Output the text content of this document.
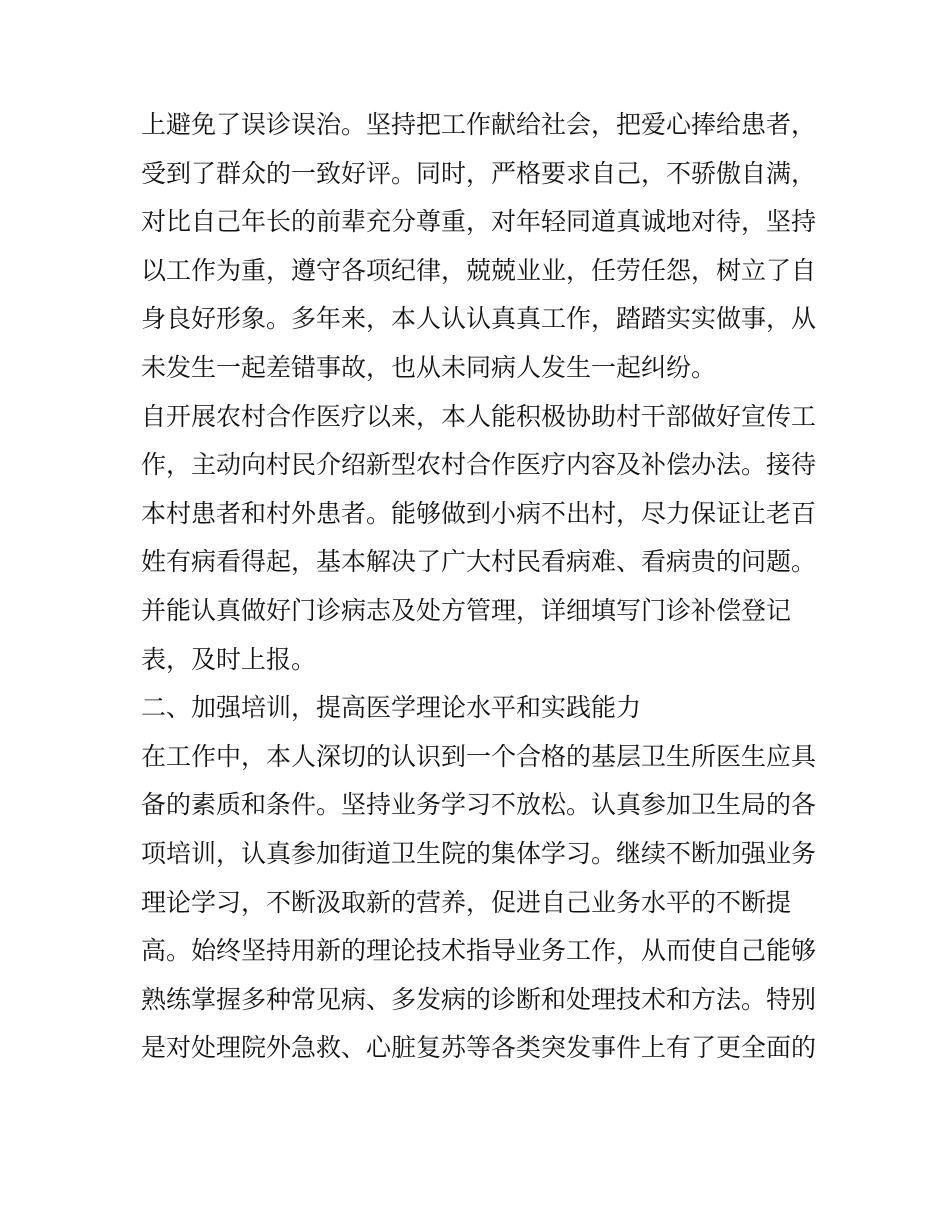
上避免了误诊误治。坚持把工作献给社会，把爱心捧给患者，
受到了群众的一致好评。同时，严格要求自己，不骄傲自满，
对比自己年长的前辈充分尊重，对年轻同道真诚地对待，坚持
以工作为重，遵守各项纪律，兢兢业业，任劳任怨，树立了自
身良好形象。多年来，本人认认真真工作，踏踏实实做事，从
未发生一起差错事故，也从未同病人发生一起纠纷。
自开展农村合作医疗以来，本人能积极协助村干部做好宣传工
作，主动向村民介绍新型农村合作医疗内容及补偿办法。接待
本村患者和村外患者。能够做到小病不出村，尽力保证让老百
姓有病看得起，基本解决了广大村民看病难、看病贵的问题。
并能认真做好门诊病志及处方管理，详细填写门诊补偿登记
表，及时上报。
二、加强培训，提高医学理论水平和实践能力
在工作中，本人深切的认识到一个合格的基层卫生所医生应具
备的素质和条件。坚持业务学习不放松。认真参加卫生局的各
项培训，认真参加街道卫生院的集体学习。继续不断加强业务
理论学习，不断汲取新的营养，促进自己业务水平的不断提
高。始终坚持用新的理论技术指导业务工作，从而使自己能够
熟练掌握多种常见病、多发病的诊断和处理技术和方法。特别
是对处理院外急救、心脏复苏等各类突发事件上有了更全面的
